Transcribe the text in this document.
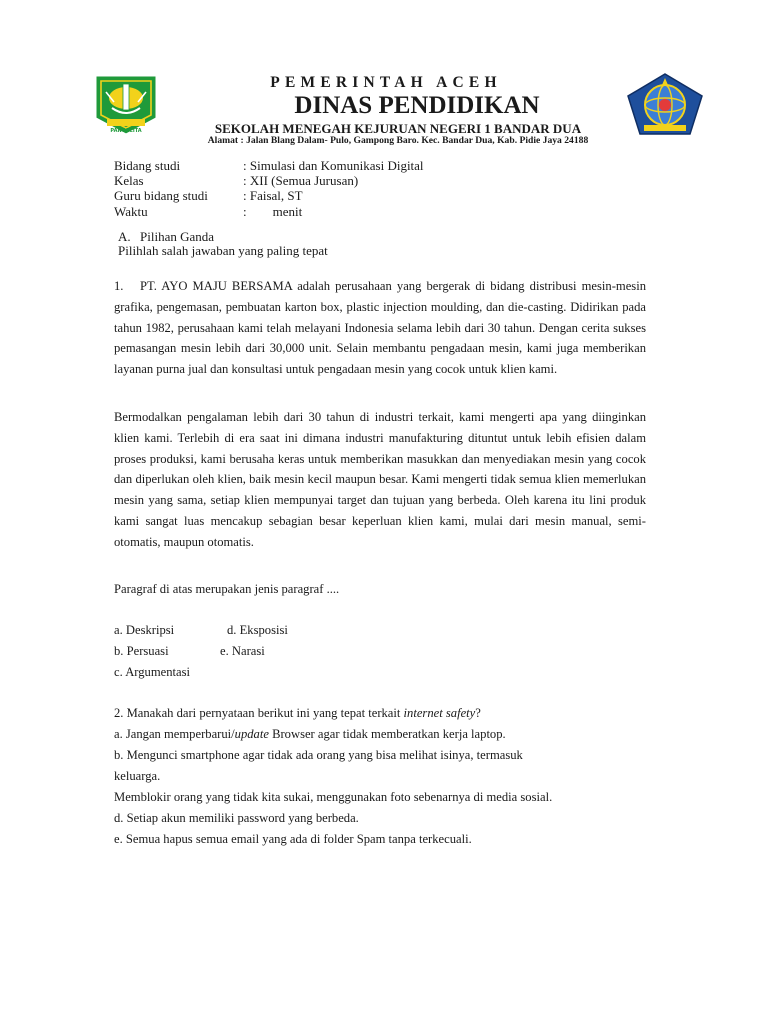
PANCACITA
PEMERINTAH ACEH
DINAS PENDIDIKAN
SEKOLAH MENEGAH KEJURUAN NEGERI 1 BANDAR DUA
Alamat : Jalan Blang Dalam- Pulo, Gampong Baro. Kec. Bandar Dua, Kab. Pidie Jaya 24188
Bidang studi	: Simulasi dan Komunikasi Digital
Kelas	: XII (Semua Jurusan)
Guru bidang studi	: Faisal, ST
Waktu	:        menit
A. Pilihan Ganda
Pilihlah salah jawaban yang paling tepat

1. PT. AYO MAJU BERSAMA adalah perusahaan yang bergerak di bidang distribusi mesin-mesin grafika, pengemasan, pembuatan karton box, plastic injection moulding, dan die-casting. Didirikan pada tahun 1982, perusahaan kami telah melayani Indonesia selama lebih dari 30 tahun. Dengan cerita sukses pemasangan mesin lebih dari 30,000 unit. Selain membantu pengadaan mesin, kami juga memberikan layanan purna jual dan konsultasi untuk pengadaan mesin yang cocok untuk klien kami.

Bermodalkan pengalaman lebih dari 30 tahun di industri terkait, kami mengerti apa yang diinginkan klien kami. Terlebih di era saat ini dimana industri manufakturing dituntut untuk lebih efisien dalam proses produksi, kami berusaha keras untuk memberikan masukkan dan menyediakan mesin yang cocok dan diperlukan oleh klien, baik mesin kecil maupun besar. Kami mengerti tidak semua klien memerlukan mesin yang sama, setiap klien mempunyai target dan tujuan yang berbeda. Oleh karena itu lini produk kami sangat luas mencakup sebagian besar keperluan klien kami, mulai dari mesin manual, semi-otomatis, maupun otomatis.

Paragraf di atas merupakan jenis paragraf ....
a. Deskripsi	d. Eksposisi
b. Persuasi	e. Narasi
c. Argumentasi
2. Manakah dari pernyataan berikut ini yang tepat terkait internet safety?
a. Jangan memperbarui/update Browser agar tidak memberatkan kerja laptop.
b. Mengunci smartphone agar tidak ada orang yang bisa melihat isinya, termasuk
keluarga.
Memblokir orang yang tidak kita sukai, menggunakan foto sebenarnya di media sosial.
d. Setiap akun memiliki password yang berbeda.
e. Semua hapus semua email yang ada di folder Spam tanpa terkecuali.
